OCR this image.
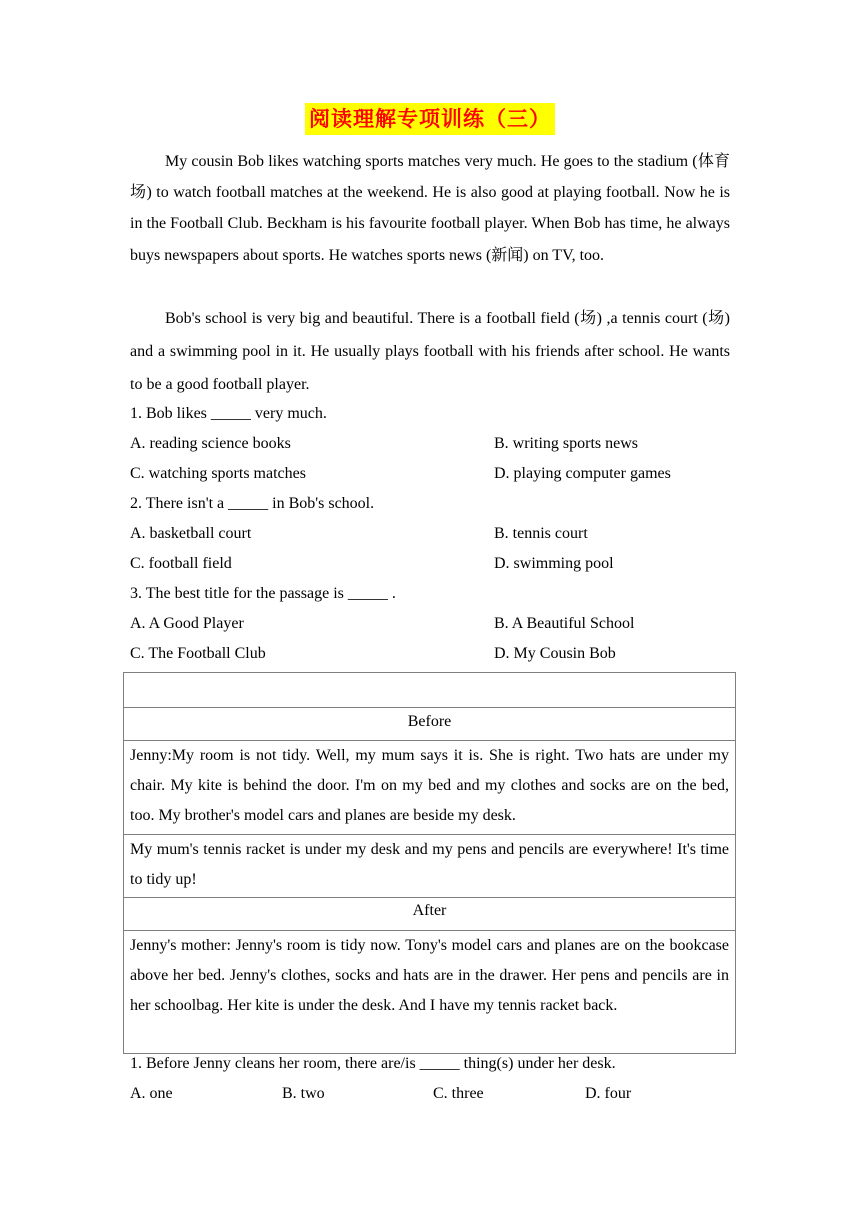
阅读理解专项训练（三）

My cousin Bob likes watching sports matches very much. He goes to the stadium (体育场) to watch football matches at the weekend. He is also good at playing football. Now he is in the Football Club. Beckham is his favourite football player. When Bob has time, he always buys newspapers about sports. He watches sports news (新闻) on TV, too.

Bob's school is very big and beautiful. There is a football field (场) ,a tennis court (场) and a swimming pool in it. He usually plays football with his friends after school. He wants to be a good football player.

1. Bob likes _____ very much.
A. reading science books	B. writing sports news
C. watching sports matches	D. playing computer games
2. There isn't a _____ in Bob's school.
A. basketball court	B. tennis court
C. football field	D. swimming pool
3. The best title for the passage is _____ .
A. A Good Player	B. A Beautiful School
C. The Football Club	D. My Cousin Bob
Before
Jenny:My room is not tidy. Well, my mum says it is. She is right. Two hats are under my chair. My kite is behind the door. I'm on my bed and my clothes and socks are on the bed, too. My brother's model cars and planes are beside my desk.
My mum's tennis racket is under my desk and my pens and pencils are everywhere! It's time to tidy up!
After
Jenny's mother: Jenny's room is tidy now. Tony's model cars and planes are on the bookcase above her bed. Jenny's clothes, socks and hats are in the drawer. Her pens and pencils are in her schoolbag. Her kite is under the desk. And I have my tennis racket back.
1. Before Jenny cleans her room, there are/is _____ thing(s) under her desk.
A. one	B. two	C. three	D. four
